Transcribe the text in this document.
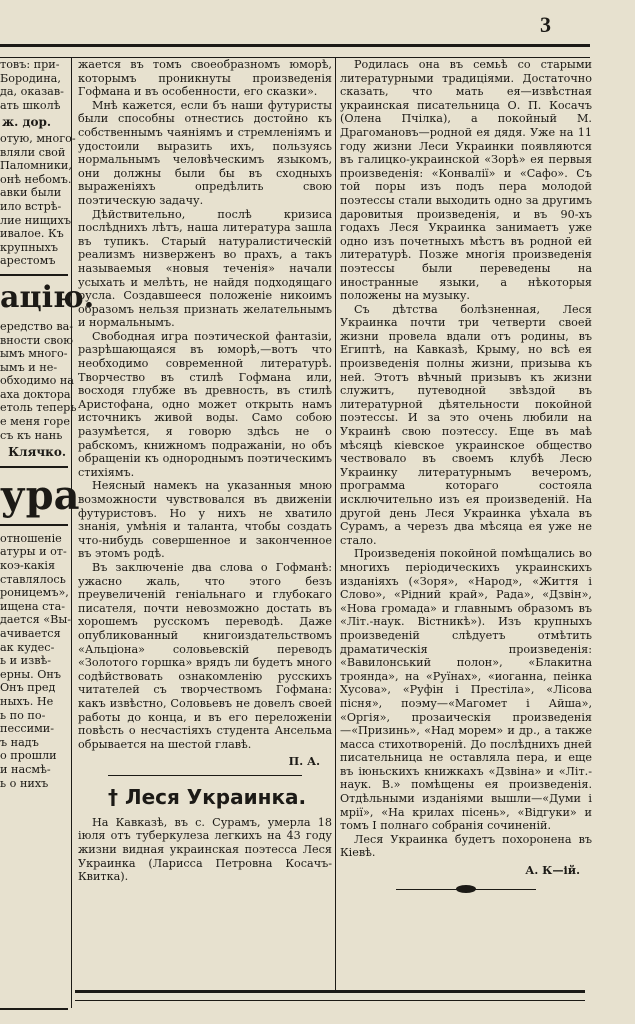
3
товъ: при-
Бородина,
да, оказав-
ать школѣ
ж. дор.
отую, много-
вляли свой
Паломники,
онѣ небомъ.
авки были
ило встрѣ-
лие нищихъ
ивалое. Къ
крупныхъ
арестомъ
ацію.
ередство ва-
вности свою
ымъ много-
ымъ и не-
обходимо на
аха доктора
етоль теперь
е меня горе
съ къ нань
Клячко.
ура
отношеніе
атуры и от-
коэ-какія
ставлялось
роницемъ»,
ищена ста-
дается «Вы-
ачивается
ак кудес-
ь и извѣ-
ерны. Онъ
Онъ пред
ныхъ. Не
ь по по-
пессими-
ъ надъ
о прошли
и насмѣ-
ь о нихъ

жается въ томъ своеобразномъ юморѣ, которымъ проникнуты произведенія Гофмана и въ особенности, его сказки».

Мнѣ кажется, если бъ наши футуристы были способны отнестись достойно къ собственнымъ чаяніямъ и стремленіямъ и удостоили выразить ихъ, пользуясь нормальнымъ человѣческимъ языкомъ, они должны были бы въ сходныхъ выраженіяхъ опредѣлить свою поэтическую задачу.

Дѣйствительно, послѣ кризиса послѣднихъ лѣтъ, наша литература зашла въ тупикъ. Старый натуралистическій реализмъ низверженъ во прахъ, а такъ называемыя «новыя теченія» начали усыхать и мелѣть, не найдя подходящаго русла. Создавшееся положеніе никоимъ образомъ нельзя признать желательнымъ и нормальнымъ.

Свободная игра поэтической фантазіи, разрѣшающаяся въ юморѣ,—вотъ что необходимо современной литературѣ. Творчество въ стилѣ Гофмана или, восходя глубже въ древность, въ стилѣ Аристофана, одно может открыть намъ источникъ живой воды. Само собою разумѣется, я говорю здѣсь не о рабскомъ, книжномъ подражаніи, но объ обращеніи къ однороднымъ поэтическимъ стихіямъ.

Неясный намекъ на указанныя мною возможности чувствовался въ движеніи футуристовъ. Но у нихъ не хватило знанія, умѣнія и таланта, чтобы создать что-нибудь совершенное и законченное въ этомъ родѣ.

Въ заключеніе два слова о Гофманѣ: ужасно жаль, что этого безъ преувеличеній геніальнаго и глубокаго писателя, почти невозможно достать въ хорошемъ русскомъ переводѣ. Даже опубликованный книгоиздательствомъ «Альціона» соловьевскій переводъ «Золотого горшка» врядъ ли будетъ много содѣйствовать ознакомленію русскихъ читателей съ творчествомъ Гофмана: какъ извѣстно, Соловьевъ не довелъ своей работы до конца, и въ его переложеніи повѣсть о несчастіяхъ студента Ансельма обрывается на шестой главѣ.

П. А.
† Леся Украинка.

На Кавказѣ, въ с. Сурамъ, умерла 18 іюля отъ туберкулеза легкихъ на 43 году жизни видная украинская поэтесса Леся Украинка (Ларисса Петровна Косачъ-Квитка).

Родилась она въ семьѣ со старыми литературными традиціями. Достаточно сказать, что мать ея—извѣстная украинская писательница О. П. Косачъ (Олена Пчілка), а покойный М. Драгомановъ—родной ея дядя. Уже на 11 году жизни Леси Украинки появляются въ галицко-украинской «Зорѣ» ея первыя произведенія: «Конвалії» и «Сафо». Съ той поры изъ подъ пера молодой поэтессы стали выходить одно за другимъ даровитыя произведенія, и въ 90-хъ годахъ Леся Украинка занимаетъ уже одно изъ почетныхъ мѣстъ въ родной ей литературѣ. Позже многія произведенія поэтессы были переведены на иностранные языки, а нѣкоторыя положены на музыку.

Съ дѣтства болѣзненная, Леся Украинка почти три четверти своей жизни провела вдали отъ родины, въ Египтѣ, на Кавказѣ, Крыму, но всѣ ея произведенія полны жизни, призыва къ ней. Этотъ вѣчный призывъ къ жизни служитъ, путеводной звѣздой въ литературной дѣятельности покойной поэтессы. И за это очень любили на Украинѣ свою поэтессу. Еще въ маѣ мѣсяцѣ кіевское украинское общество чествовало въ своемъ клубѣ Лесю Украинку литературнымъ вечеромъ, программа котораго состояла исключительно изъ ея произведеній. На другой день Леся Украинка уѣхала въ Сурамъ, а черезъ два мѣсяца ея уже не стало.

Произведенія покойной помѣщались во многихъ періодическихъ украинскихъ изданіяхъ («Зоря», «Народ», «Життя і Слово», «Рідний край», Рада», «Дзвін», «Нова громада» и главнымъ образомъ въ «Літ.-наук. Вістникѣ»). Изъ крупныхъ произведеній слѣдуетъ отмѣтить драматическія произведенія: «Вавилонський полон», «Блакитна троянда», на «Руїнах», «иоганна, пеінка Хусова», «Руфін і Престіла», «Лісова пісня», поэму—«Магомет і Айша», «Оргія», прозаическія произведенія—«Призинь», «Над морем» и др., а также масса стихотвореній. До послѣднихъ дней писательница не оставляла пера, и еще въ іюньскихъ книжкахъ «Дзвіна» и «Літ.-наук. В.» помѣщены ея произведенія. Отдѣльными изданіями вышли—«Думи і мрії», «На крилах пісень», «Відгуки» и томъ І полнаго собранія сочиненій.

Леся Украинка будетъ похоронена въ Кіевѣ.

А. К—ій.
